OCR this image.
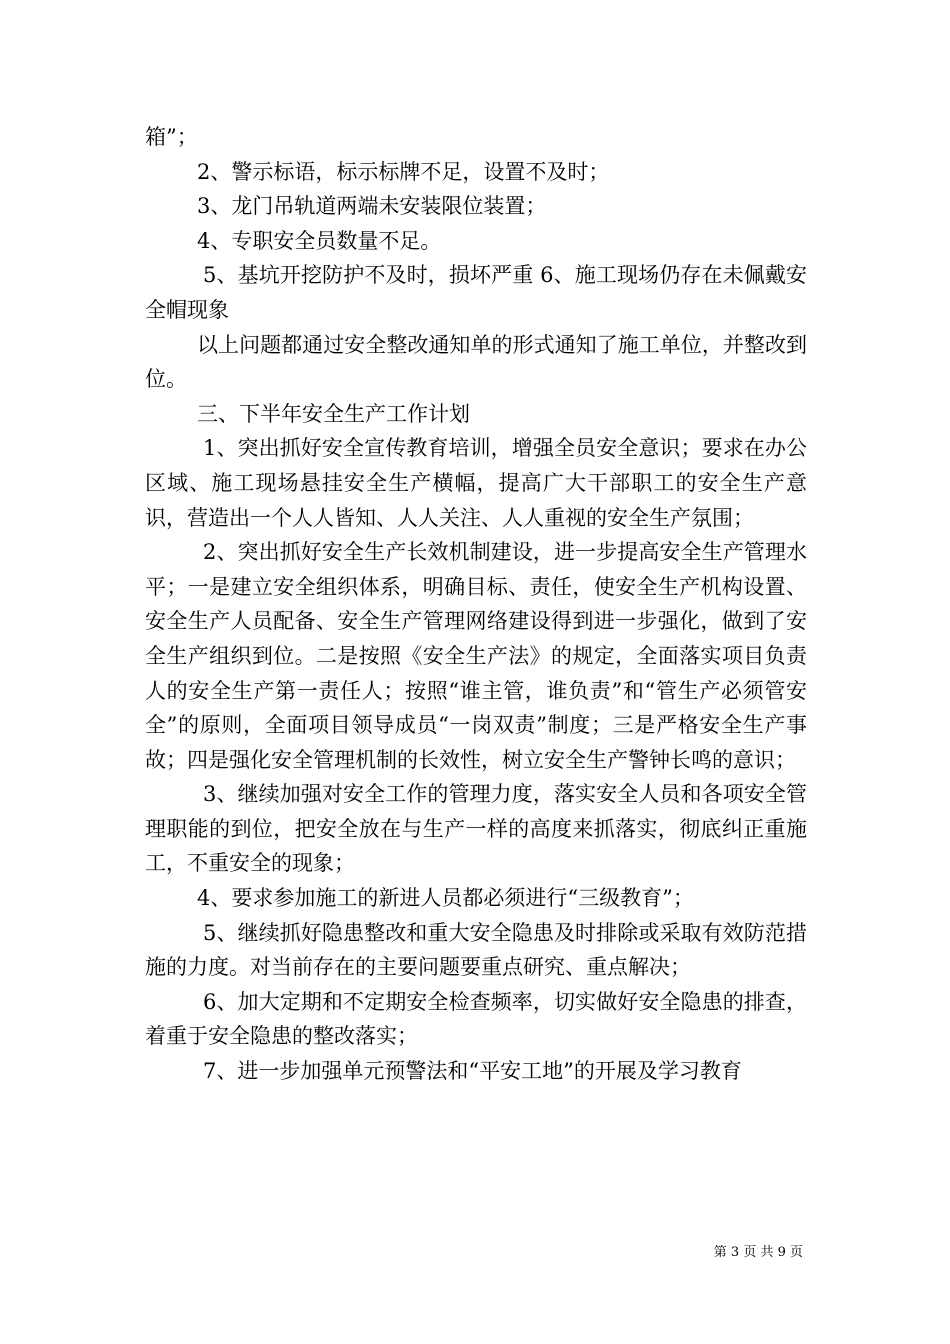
箱”；

2、警示标语，标示标牌不足，设置不及时；

3、龙门吊轨道两端未安装限位装置；

4、专职安全员数量不足。

5、基坑开挖防护不及时，损坏严重 6、施工现场仍存在未佩戴安全帽现象

以上问题都通过安全整改通知单的形式通知了施工单位，并整改到位。

三、下半年安全生产工作计划

1、突出抓好安全宣传教育培训，增强全员安全意识；要求在办公区域、施工现场悬挂安全生产横幅，提高广大干部职工的安全生产意识，营造出一个人人皆知、人人关注、人人重视的安全生产氛围；

2、突出抓好安全生产长效机制建设，进一步提高安全生产管理水平；一是建立安全组织体系，明确目标、责任，使安全生产机构设置、安全生产人员配备、安全生产管理网络建设得到进一步强化，做到了安全生产组织到位。二是按照《安全生产法》的规定，全面落实项目负责人的安全生产第一责任人；按照“谁主管，谁负责”和“管生产必须管安全”的原则，全面项目领导成员“一岗双责”制度；三是严格安全生产事故；四是强化安全管理机制的长效性，树立安全生产警钟长鸣的意识；

3、继续加强对安全工作的管理力度，落实安全人员和各项安全管理职能的到位，把安全放在与生产一样的高度来抓落实，彻底纠正重施工，不重安全的现象；

4、要求参加施工的新进人员都必须进行“三级教育”；

5、继续抓好隐患整改和重大安全隐患及时排除或采取有效防范措施的力度。对当前存在的主要问题要重点研究、重点解决；

6、加大定期和不定期安全检查频率，切实做好安全隐患的排查，着重于安全隐患的整改落实；

7、进一步加强单元预警法和“平安工地”的开展及学习教育

第 3 页 共 9 页
